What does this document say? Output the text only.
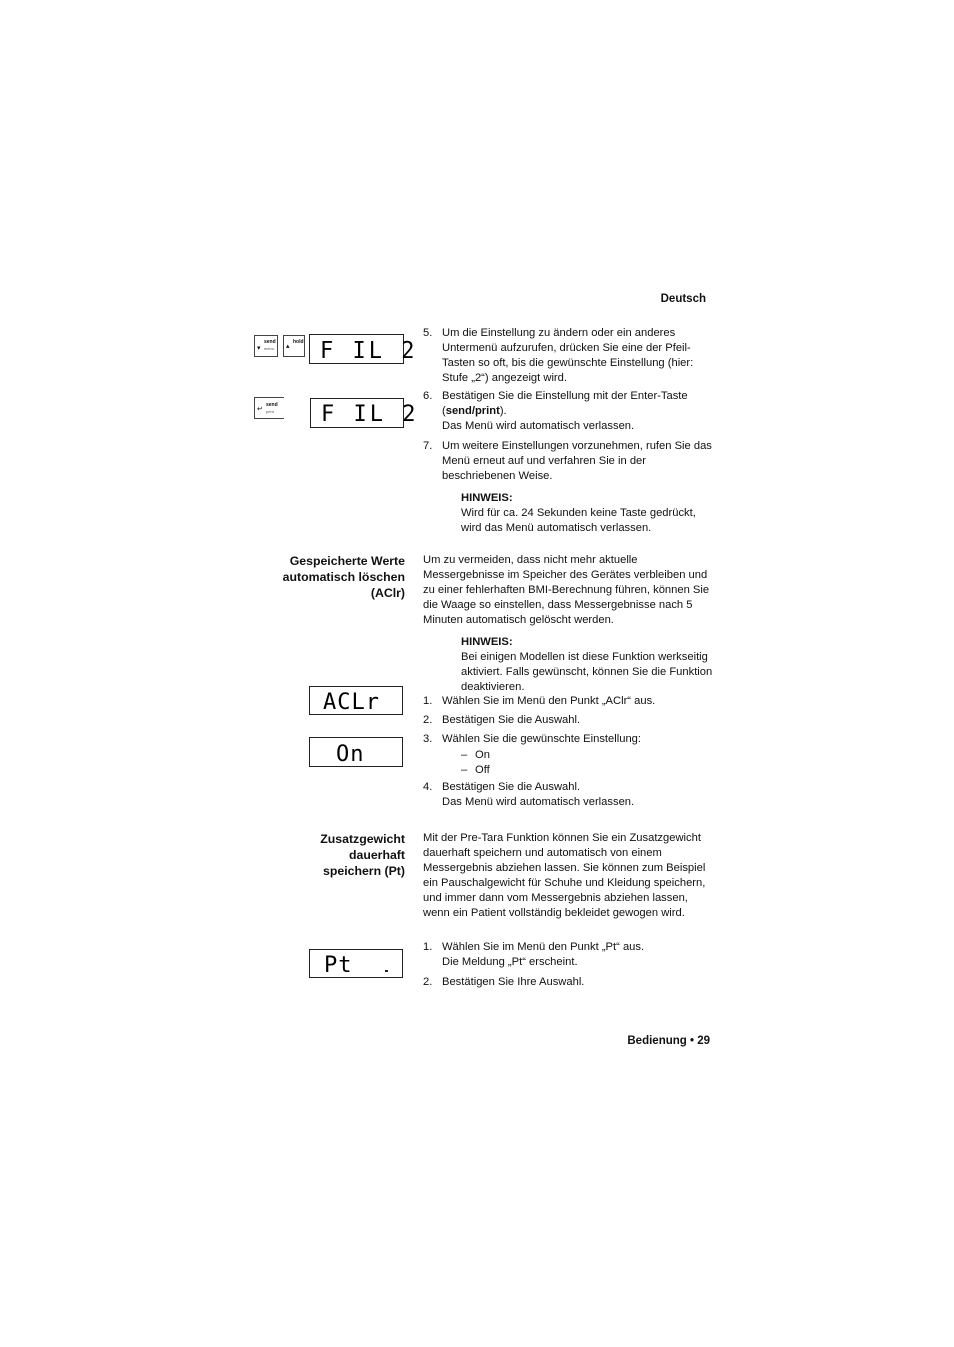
Deutsch
▾
send
menu ▴
hold F IL 2
↵
send
print F IL 2
5. Um die Einstellung zu ändern oder ein anderes Untermenü aufzurufen, drücken Sie eine der Pfeil-Tasten so oft, bis die gewünschte Einstellung (hier: Stufe „2“) angezeigt wird.
6. Bestätigen Sie die Einstellung mit der Enter-Taste (send/print).
Das Menü wird automatisch verlassen.
7. Um weitere Einstellungen vorzunehmen, rufen Sie das Menü erneut auf und verfahren Sie in der beschriebenen Weise.
HINWEIS:
Wird für ca. 24 Sekunden keine Taste gedrückt, wird das Menü automatisch verlassen.
Gespeicherte Werte
automatisch löschen
(AClr)
Um zu vermeiden, dass nicht mehr aktuelle Messergebnisse im Speicher des Gerätes verbleiben und zu einer fehlerhaften BMI-Berechnung führen, können Sie die Waage so einstellen, dass Messergebnisse nach 5 Minuten automatisch gelöscht werden.
HINWEIS:
Bei einigen Modellen ist diese Funktion werkseitig aktiviert. Falls gewünscht, können Sie die Funktion deaktivieren.
ACLr
On
1. Wählen Sie im Menü den Punkt „AClr“ aus.
2. Bestätigen Sie die Auswahl.
3. Wählen Sie die gewünschte Einstellung:
– On
– Off
4. Bestätigen Sie die Auswahl.
Das Menü wird automatisch verlassen.
Zusatzgewicht
dauerhaft
speichern (Pt)
Mit der Pre-Tara Funktion können Sie ein Zusatzgewicht dauerhaft speichern und automatisch von einem Messergebnis abziehen lassen. Sie können zum Beispiel ein Pauschalgewicht für Schuhe und Kleidung speichern, und immer dann vom Messergebnis abziehen lassen, wenn ein Patient vollständig bekleidet gewogen wird.
Pt
1. Wählen Sie im Menü den Punkt „Pt“ aus.
Die Meldung „Pt“ erscheint.
2. Bestätigen Sie Ihre Auswahl.
Bedienung • 29
